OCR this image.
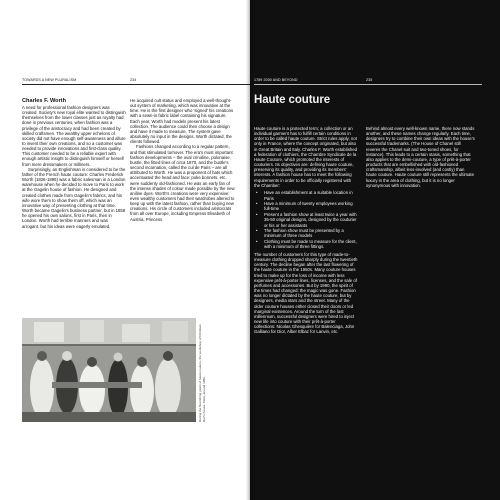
TOWARDS A NEW PLURALISM	234
Charles F. Worth

A need for professional fashion designers was created. Society's new royal elite wanted to distinguish themselves from the lower classes just as royalty had done in previous centuries, when fashion was a privilege of the aristocracy and had been created by skilled craftsmen. The wealthy upper echelons of society did not have enough self-awareness and allure to invent their own creations, and so a customer was needed to provide innovations and first-class quality. This customer needed to be a reliable expert with enough artistic insight to distinguish himself or herself from mere dressmakers or milliners.

Surprisingly, an Englishman is considered to be the father of the French haute couture: Charles Frederick Worth (1826-1895) was a fabric salesman in a London warehouse when he decided to move to Paris to work at the Gagelin house of fashion. He designed and created clothes made from Gagelin's fabrics, and his wife wore them to show them off, which was an innovative way of presenting clothing at that time. Worth became Gagelin's business partner, but in 1858 he opened his own salons, first in Paris, then in London. Worth had terrible manners and was arrogant, but his ideas were eagerly emulated.

He acquired cult status and employed a well-thought-out system of marketing, which was innovative at the time. He is the first designer who 'signed' his creations with a sewn-in fabric label containing his signature. Each year, Worth had models present his latest collection. The audience could then choose a design and have it made to measure. The system gave absolutely no input in the designs. Worth dictated, the clients followed.

Fashions changed according to a regular pattern, and that stimulated turnover. The era's most important fashion developments – the oval crinoline, polonaise, bustle, the fitted lines of circa 1870, and the bustle's second incarnation, called the cul de Paris – are all attributed to Worth. He was a proponent of hats which accentuated the head and face: poke bonnets, etc. were suddenly old-fashioned. He was an early fan of the intense shades of colour made possible by the new aniline dyes. Worth's creations were very expensive: even wealthy customers had their wardrobes altered to keep up with the latest fashion, rather than buying new creations. His circle of customers included aristocrats from all over Europe, including Empress Elisabeth of Austria, Princess

During the flourishing years of haute couture, the workshop of Christian Dior's house. Paris, around 1950.
1789 2000 AND BEYOND	235
Haute couture

Haute couture is a protected term; a collection or an individual garment has to fulfill certain conditions in order to be called haute couture. Strict rules apply, not only in France, where the concept originated, but also in Great Britain and Italy. Charles F. Worth established a federation of clothiers, the Chambre Syndicale de la Haute Couture, which promoted the interests of couturiers. Its objectives are: defining haute couture, preserving its quality, and providing its members' interests. A fashion house has to meet the following requirements in order to be officially registered with the Chamber:

• Have an establishment at a suitable location in Paris
• Have a minimum of twenty employees working full-time
• Present a fashion show at least twice a year with 35-50 original designs, designed by the couturier or his or her assistants
• The fashion show must be presented by a minimum of three models
• Clothing must be made to measure for the client, with a minimum of three fittings.

The number of customers for this type of made-to-measure clothing dropped sharply during the twentieth century. The decline began after the last flowering of the haute couture in the 1950s. Many couture houses tried to make up for the loss of income with less expensive prêt-à-porter lines, licenses, and the sale of perfumes and accessories. But by 1990, the spirit of the times had changed: the magic was gone. Fashion was no longer dictated by the haute couture, but by designers, media stars and the street. Many of the older couture houses either closed their doors or led marginal existences. Around the turn of the last millennium, successful designers were hired to inject new life into couture with their prêt-à-porter collections: Nicolas Ghesquière for Balenciaga, John Galliano for Dior, Alber Elbaz for Lanvin, etc.

Behind almost every well-known name, there now stands another, and these names change regularly. Each time, designers try to combine their own ideas with the house's successful trademarks. (The House of Chanel still reveres the Chanel suit and two-toned shoes, for instance). This leads to a certain stasis, something that also applies to the demi-couture, a type of prêt-à-porter products that are embellished with old-fashioned craftsmanship, albeit less-involved (and costly) than haute couture. Haute couture still represents the ultimate luxury in the area of clothing, but it is no longer synonymous with innovation.
